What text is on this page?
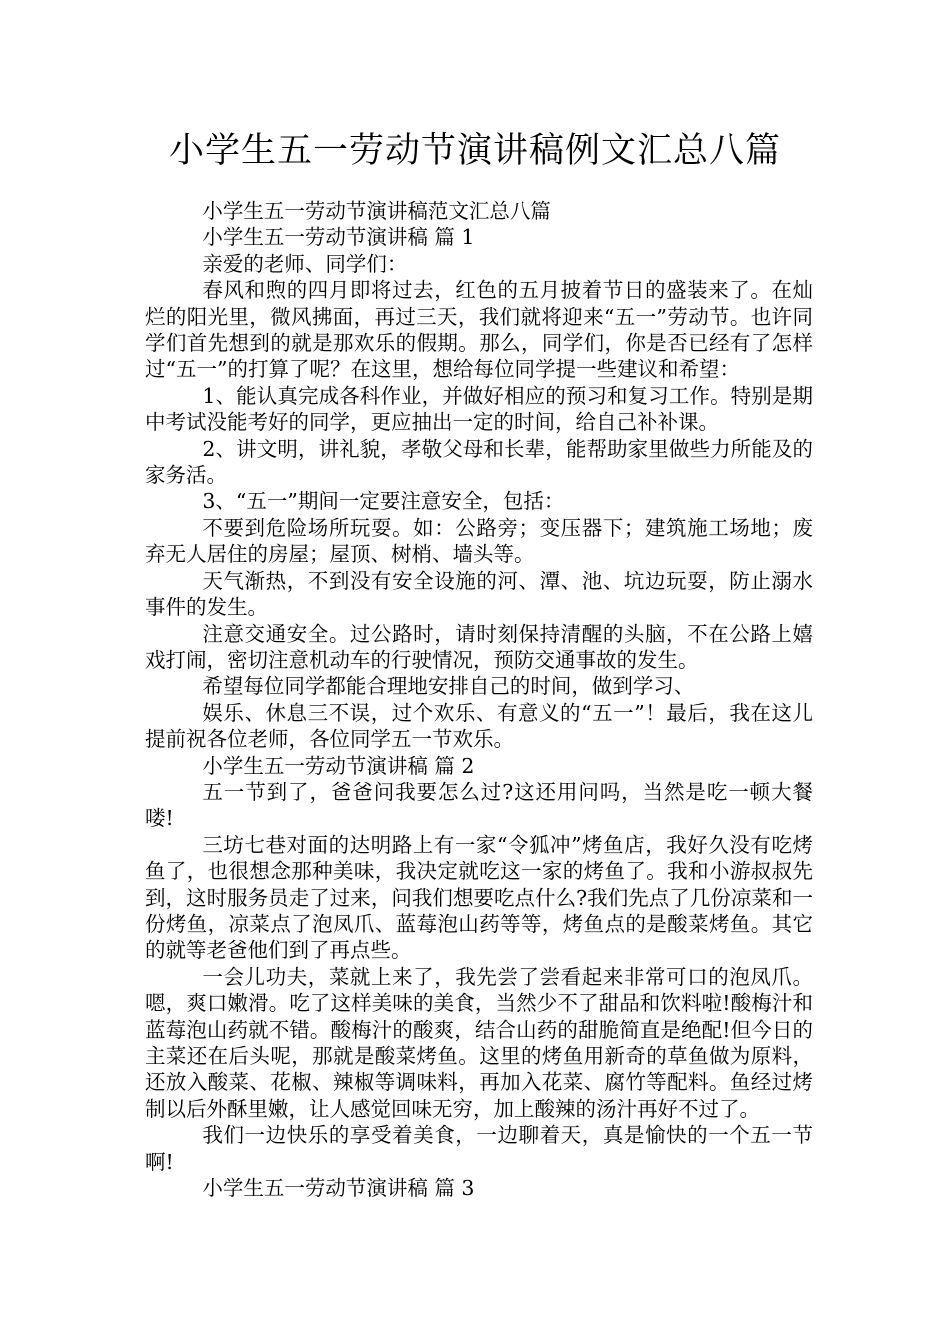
小学生五一劳动节演讲稿例文汇总八篇

小学生五一劳动节演讲稿范文汇总八篇

小学生五一劳动节演讲稿 篇 1

亲爱的老师、同学们：

春风和煦的四月即将过去，红色的五月披着节日的盛装来了。在灿烂的阳光里，微风拂面，再过三天，我们就将迎来“五一”劳动节。也许同学们首先想到的就是那欢乐的假期。那么，同学们，你是否已经有了怎样过“五一”的打算了呢？在这里，想给每位同学提一些建议和希望：

1、能认真完成各科作业，并做好相应的预习和复习工作。特别是期中考试没能考好的同学，更应抽出一定的时间，给自己补补课。

2、讲文明，讲礼貌，孝敬父母和长辈，能帮助家里做些力所能及的家务活。

3、“五一”期间一定要注意安全，包括：

不要到危险场所玩耍。如：公路旁；变压器下；建筑施工场地；废弃无人居住的房屋；屋顶、树梢、墙头等。

天气渐热，不到没有安全设施的河、潭、池、坑边玩耍，防止溺水事件的发生。

注意交通安全。过公路时，请时刻保持清醒的头脑，不在公路上嬉戏打闹，密切注意机动车的行驶情况，预防交通事故的发生。

希望每位同学都能合理地安排自己的时间，做到学习、

娱乐、休息三不误，过个欢乐、有意义的“五一”！最后，我在这儿提前祝各位老师，各位同学五一节欢乐。

小学生五一劳动节演讲稿 篇 2

五一节到了，爸爸问我要怎么过?这还用问吗，当然是吃一顿大餐喽!

三坊七巷对面的达明路上有一家“令狐冲”烤鱼店，我好久没有吃烤鱼了，也很想念那种美味，我决定就吃这一家的烤鱼了。我和小游叔叔先到，这时服务员走了过来，问我们想要吃点什么?我们先点了几份凉菜和一份烤鱼，凉菜点了泡凤爪、蓝莓泡山药等等，烤鱼点的是酸菜烤鱼。其它的就等老爸他们到了再点些。

一会儿功夫，菜就上来了，我先尝了尝看起来非常可口的泡凤爪。嗯，爽口嫩滑。吃了这样美味的美食，当然少不了甜品和饮料啦!酸梅汁和蓝莓泡山药就不错。酸梅汁的酸爽，结合山药的甜脆简直是绝配!但今日的主菜还在后头呢，那就是酸菜烤鱼。这里的烤鱼用新奇的草鱼做为原料，还放入酸菜、花椒、辣椒等调味料，再加入花菜、腐竹等配料。鱼经过烤制以后外酥里嫩，让人感觉回味无穷，加上酸辣的汤汁再好不过了。

我们一边快乐的享受着美食，一边聊着天，真是愉快的一个五一节啊!

小学生五一劳动节演讲稿 篇 3
